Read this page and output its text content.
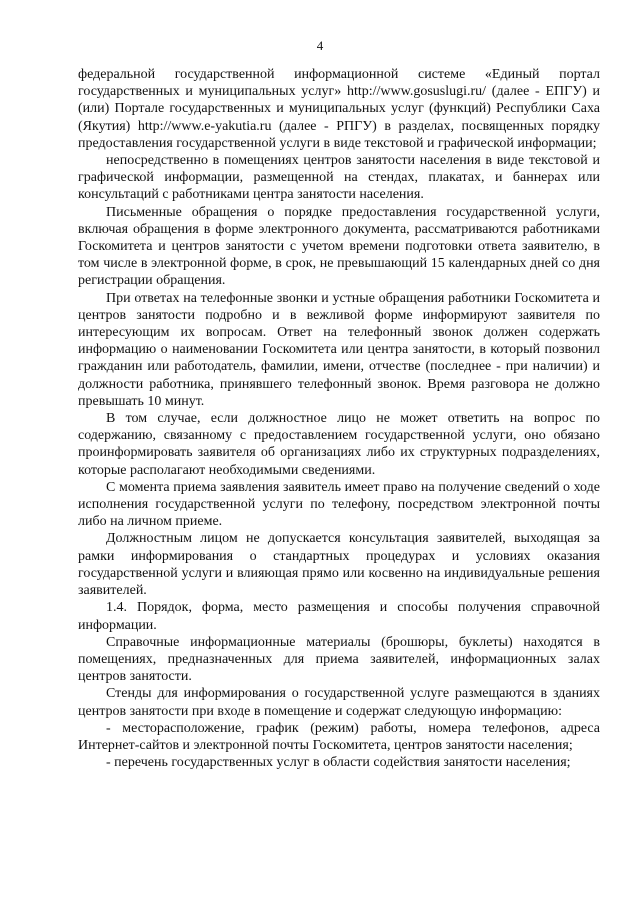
4

федеральной государственной информационной системе «Единый портал государственных и муниципальных услуг» http://www.gosuslugi.ru/ (далее - ЕПГУ) и (или) Портале государственных и муниципальных услуг (функций) Республики Саха (Якутия) http://www.e-yakutia.ru (далее - РПГУ) в разделах, посвященных порядку предоставления государственной услуги в виде текстовой и графической информации;

непосредственно в помещениях центров занятости населения в виде текстовой и графической информации, размещенной на стендах, плакатах, и баннерах или консультаций с работниками центра занятости населения.

Письменные обращения о порядке предоставления государственной услуги, включая обращения в форме электронного документа, рассматриваются работниками Госкомитета и центров занятости с учетом времени подготовки ответа заявителю, в том числе в электронной форме, в срок, не превышающий 15 календарных дней со дня регистрации обращения.

При ответах на телефонные звонки и устные обращения работники Госкомитета и центров занятости подробно и в вежливой форме информируют заявителя по интересующим их вопросам. Ответ на телефонный звонок должен содержать информацию о наименовании Госкомитета или центра занятости, в который позвонил гражданин или работодатель, фамилии, имени, отчестве (последнее - при наличии) и должности работника, принявшего телефонный звонок. Время разговора не должно превышать 10 минут.

В том случае, если должностное лицо не может ответить на вопрос по содержанию, связанному с предоставлением государственной услуги, оно обязано проинформировать заявителя об организациях либо их структурных подразделениях, которые располагают необходимыми сведениями.

С момента приема заявления заявитель имеет право на получение сведений о ходе исполнения государственной услуги по телефону, посредством электронной почты либо на личном приеме.

Должностным лицом не допускается консультация заявителей, выходящая за рамки информирования о стандартных процедурах и условиях оказания государственной услуги и влияющая прямо или косвенно на индивидуальные решения заявителей.

1.4. Порядок, форма, место размещения и способы получения справочной информации.

Справочные информационные материалы (брошюры, буклеты) находятся в помещениях, предназначенных для приема заявителей, информационных залах центров занятости.

Стенды для информирования о государственной услуге размещаются в зданиях центров занятости при входе в помещение и содержат следующую информацию:

- месторасположение, график (режим) работы, номера телефонов, адреса Интернет-сайтов и электронной почты Госкомитета, центров занятости населения;

- перечень государственных услуг в области содействия занятости населения;
